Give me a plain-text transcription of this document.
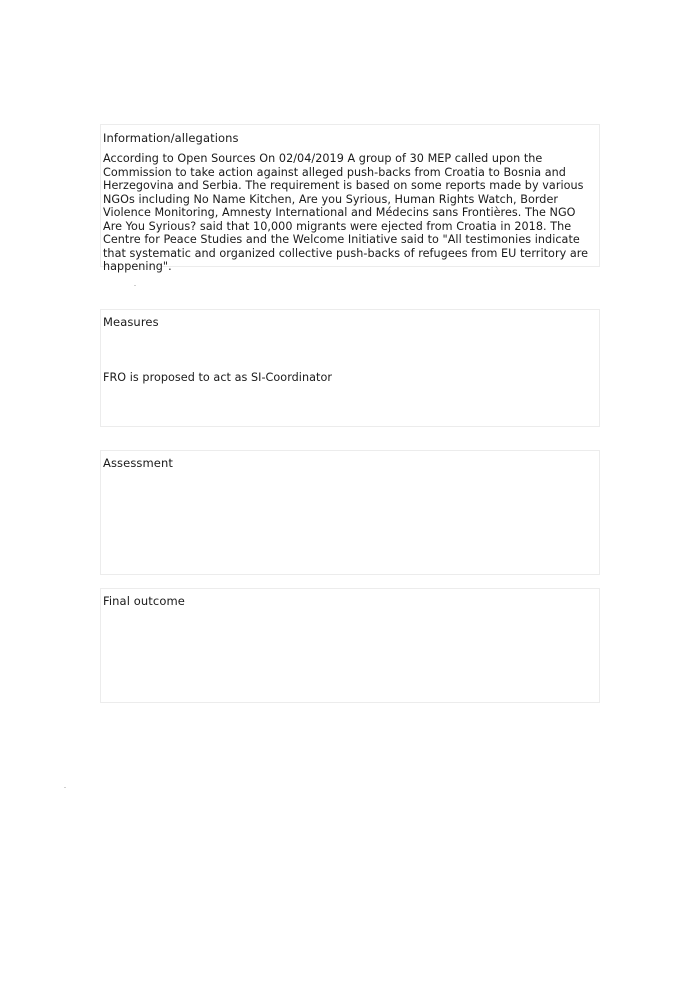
Information/allegations

According to Open Sources On 02/04/2019 A group of 30 MEP called upon the Commission to take action against alleged push-backs from Croatia to Bosnia and Herzegovina and Serbia. The requirement is based on some reports made by various NGOs including No Name Kitchen, Are you Syrious, Human Rights Watch, Border Violence Monitoring, Amnesty International and Médecins sans Frontières. The NGO Are You Syrious? said that 10,000 migrants were ejected from Croatia in 2018. The Centre for Peace Studies and the Welcome Initiative said to "All testimonies indicate that systematic and organized collective push-backs of refugees from EU territory are happening".

Measures

FRO is proposed to act as SI-Coordinator

Assessment
Final outcome
